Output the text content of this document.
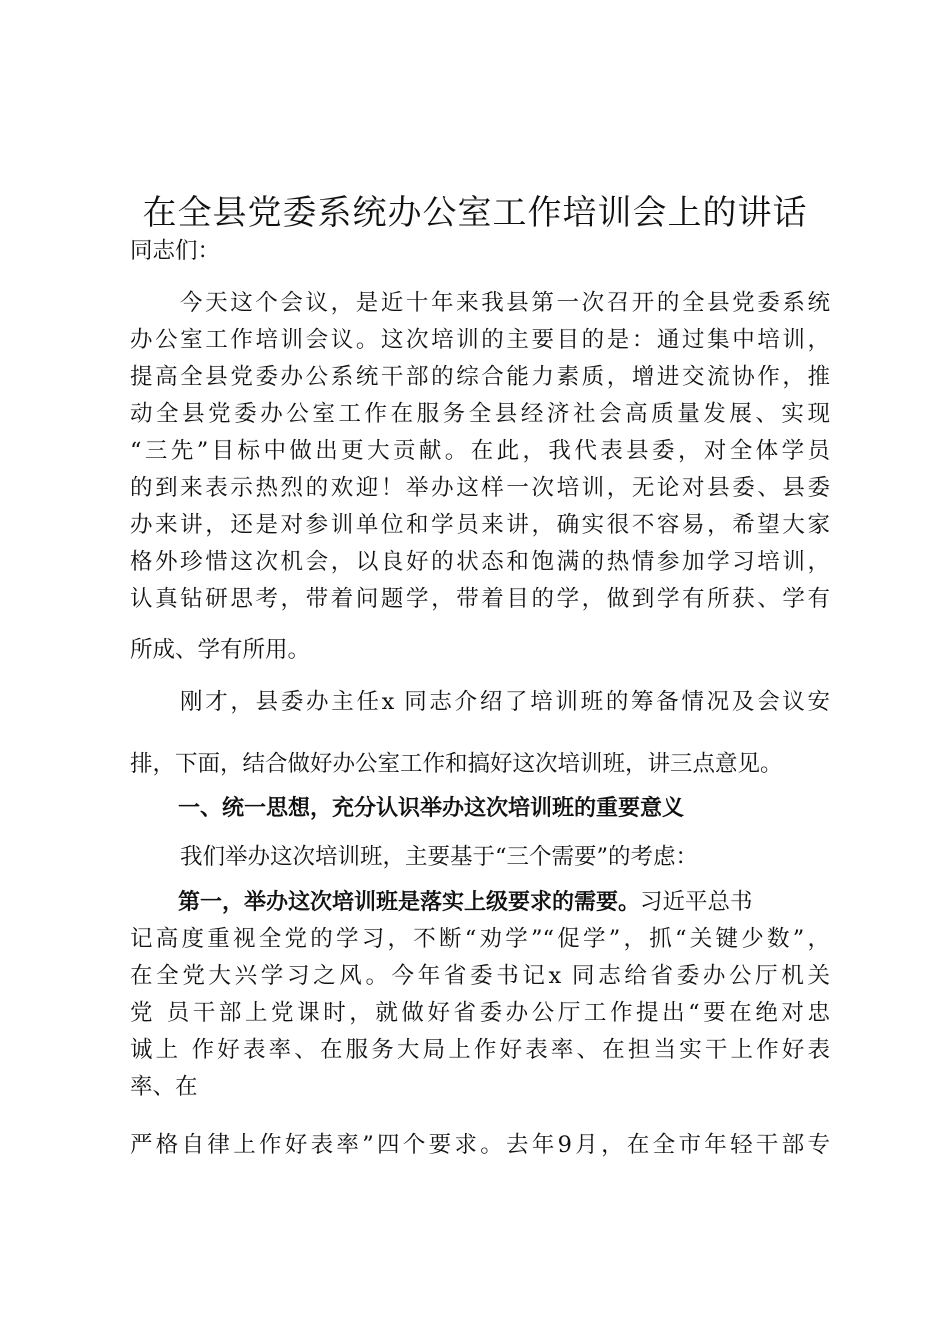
在全县党委系统办公室工作培训会上的讲话

同志们：

今天这个会议，是近十年来我县第一次召开的全县党委系统

办公室工作培训会议。这次培训的主要目的是：通过集中培训，

提高全县党委办公系统干部的综合能力素质，增进交流协作，推

动全县党委办公室工作在服务全县经济社会高质量发展、实现

“三先”目标中做出更大贡献。在此，我代表县委，对全体学员

的到来表示热烈的欢迎！举办这样一次培训，无论对县委、县委

办来讲，还是对参训单位和学员来讲，确实很不容易，希望大家

格外珍惜这次机会，以良好的状态和饱满的热情参加学习培训，

认真钻研思考，带着问题学，带着目的学，做到学有所获、学有

所成、学有所用。

刚才，县委办主任x 同志介绍了培训班的筹备情况及会议安

排，下面，结合做好办公室工作和搞好这次培训班，讲三点意见。

一、统一思想，充分认识举办这次培训班的重要意义

我们举办这次培训班，主要基于“三个需要”的考虑：

第一，举办这次培训班是落实上级要求的需要。习近平总书

记高度重视全党的学习，不断“劝学”“促学”，抓“关键少数”，

在全党大兴学习之风。今年省委书记x 同志给省委办公厅机关

党 员干部上党课时，就做好省委办公厅工作提出“要在绝对忠

诚上 作好表率、在服务大局上作好表率、在担当实干上作好表

率、在

严格自律上作好表率”四个要求。去年9月，在全市年轻干部专
